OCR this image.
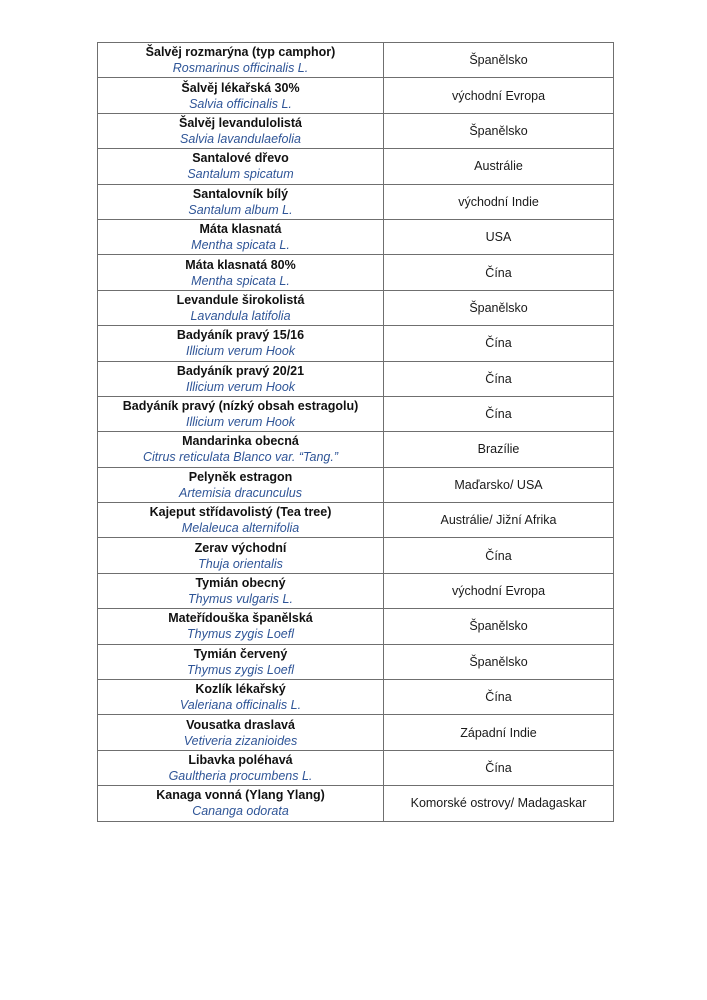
Šalvěj rozmarýna (typ camphor)
Rosmarinus officinalis L.	Španělsko

Šalvěj lékařská 30%
Salvia officinalis L.	východní Evropa

Šalvěj levandulolistá
Salvia lavandulaefolia	Španělsko

Santalové dřevo
Santalum spicatum	Austrálie

Santalovník bílý
Santalum album L.	východní Indie

Máta klasnatá
Mentha spicata L.	USA

Máta klasnatá 80%
Mentha spicata L.	Čína

Levandule širokolistá
Lavandula latifolia	Španělsko

Badyáník pravý 15/16
Illicium verum Hook	Čína

Badyáník pravý 20/21
Illicium verum Hook	Čína

Badyáník pravý (nízký obsah estragolu)
Illicium verum Hook	Čína

Mandarinka obecná
Citrus reticulata Blanco var. “Tang.”	Brazílie

Pelyněk estragon
Artemisia dracunculus	Maďarsko/ USA

Kajeput střídavolistý (Tea tree)
Melaleuca alternifolia	Austrálie/ Jižní Afrika

Zerav východní
Thuja orientalis	Čína

Tymián obecný
Thymus vulgaris L.	východní Evropa

Mateřídouška španělská
Thymus zygis Loefl	Španělsko

Tymián červený
Thymus zygis Loefl	Španělsko

Kozlík lékařský
Valeriana officinalis L.	Čína

Vousatka draslavá
Vetiveria zizanioides	Západní Indie

Libavka poléhavá
Gaultheria procumbens L.	Čína

Kanaga vonná (Ylang Ylang)
Cananga odorata	Komorské ostrovy/ Madagaskar
